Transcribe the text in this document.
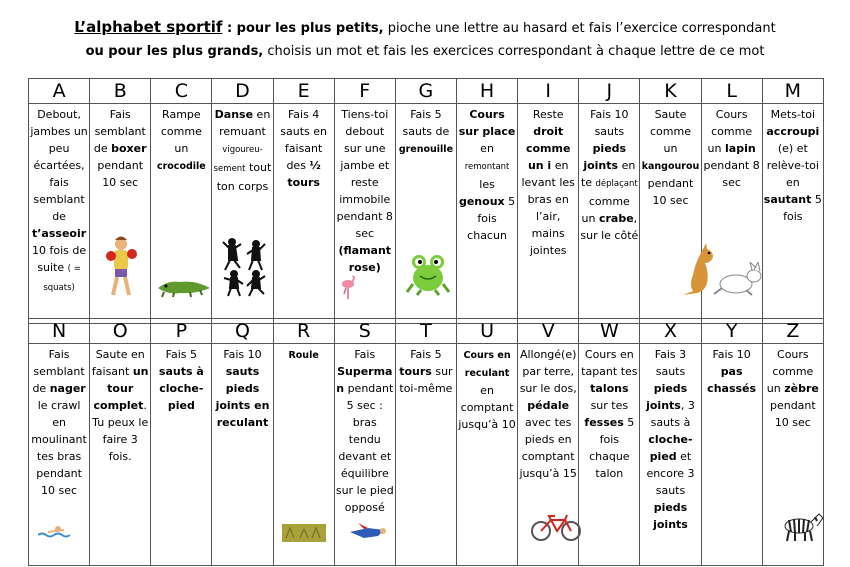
L’alphabet sportif : pour les plus petits, pioche une lettre au hasard et fais l’exercice correspondant
ou pour les plus grands, choisis un mot et fais les exercices correspondant à chaque lettre de ce mot
A	B	C	D	E	F	G	H	I	J	K	L	M

Debout, jambes un peu écartées, fais semblant de t’asseoir 10 fois de suite ( = squats)	Fais semblant de boxer pendant 10 sec	Rampe comme un crocodile	Danse en remuant vigoureu-sement tout ton corps	Fais 4 sauts en faisant des ½ tours	Tiens-toi debout sur une jambe et reste immobile pendant 8 sec (flamant rose)	Fais 5 sauts de grenouille	Cours sur place en remontant les genoux 5 fois chacun	Reste droit comme un i en levant les bras en l’air, mains jointes	Fais 10 sauts pieds joints en te déplaçant comme un crabe, sur le côté	Saute comme un kangourou pendant 10 sec	Cours comme un lapin pendant 8 sec	Mets-toi accroupi (e) et relève-toi en sautant 5 fois
N	O	P	Q	R	S	T	U	V	W	X	Y	Z

Fais semblant de nager le crawl en moulinant tes bras pendant 10 sec	Saute en faisant un tour complet. Tu peux le faire 3 fois.	Fais 5 sauts à cloche-pied	Fais 10 sauts pieds joints en reculant	Roule	Fais Superman pendant 5 sec : bras tendu devant et équilibre sur le pied opposé	Fais 5 tours sur toi-même	Cours en reculant en comptant jusqu’à 10	Allongé(e) par terre, sur le dos, pédale avec tes pieds en comptant jusqu’à 15	Cours en tapant tes talons sur tes fesses 5 fois chaque talon	Fais 3 sauts pieds joints, 3 sauts à cloche-pied et encore 3 sauts pieds joints	Fais 10 pas chassés	Cours comme un zèbre pendant 10 sec
